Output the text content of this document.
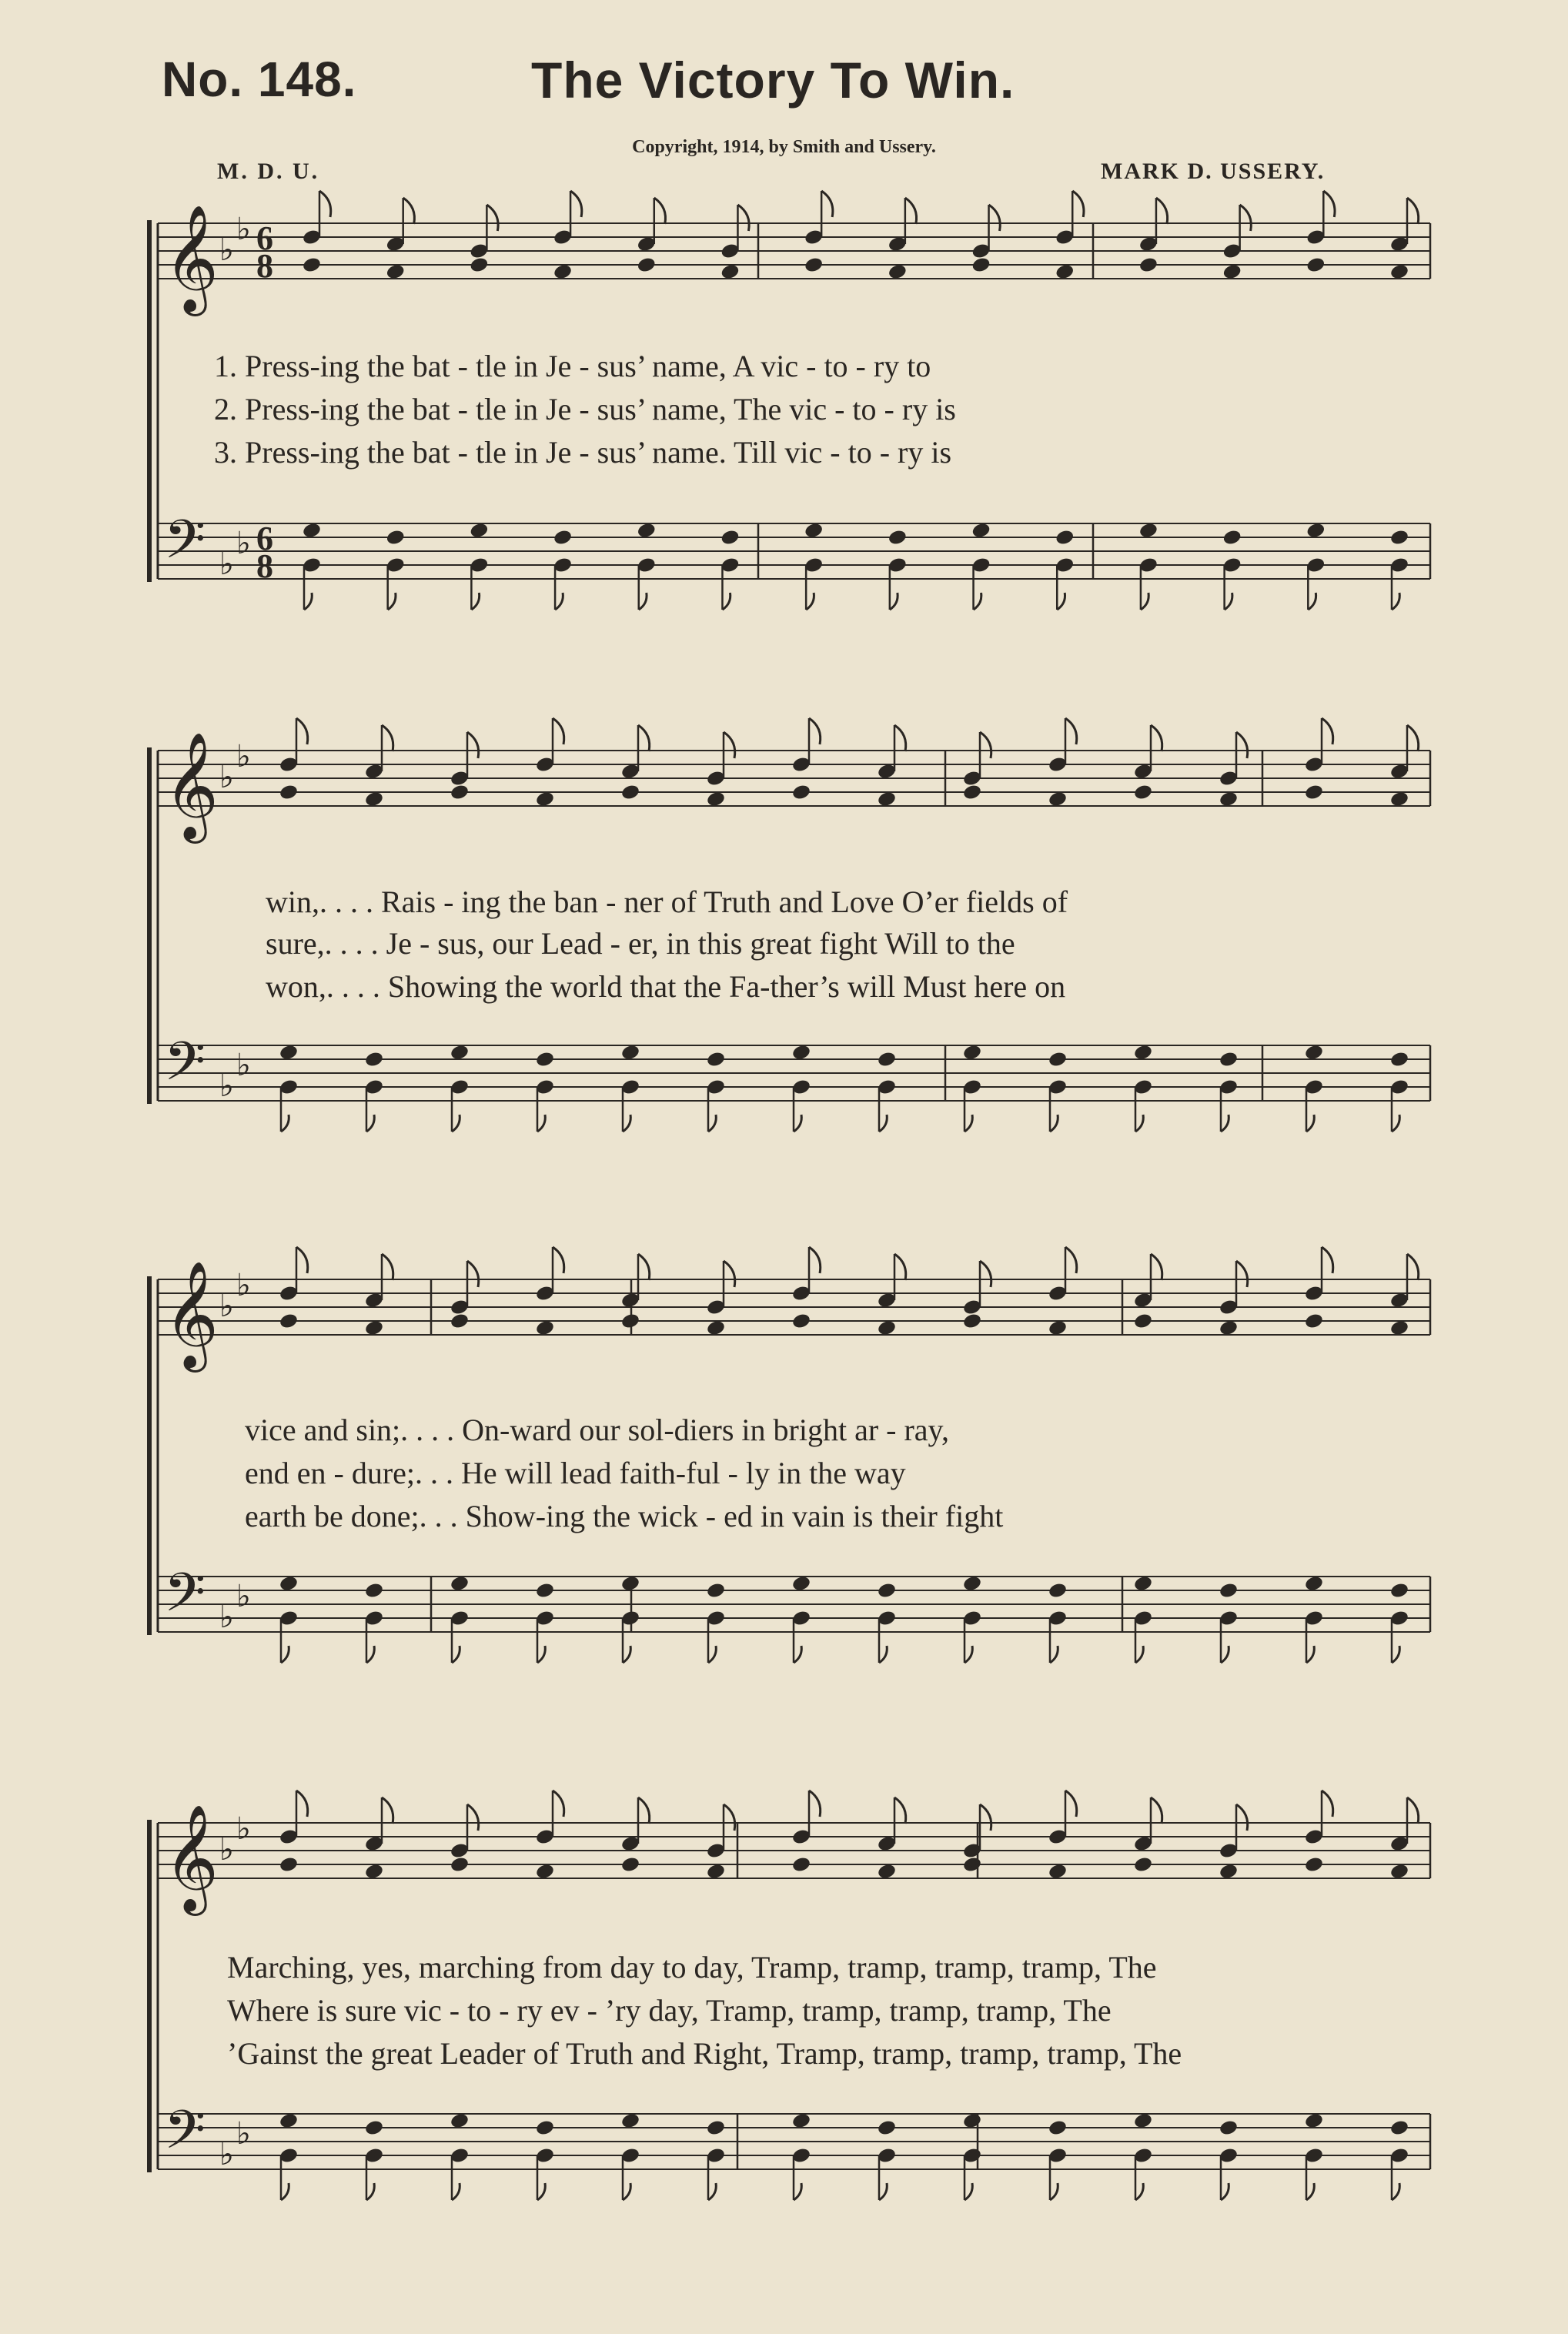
No. 148.	The Victory To Win.
Copyright, 1914, by Smith and Ussery.
M. D. U.	MARK D. USSERY.
𝄞 ♭
♭ 6
8
𝄢 ♭
♭ 6
8
𝄞 ♭
♭
𝄢 ♭
♭
𝄞 ♭
♭
𝄢 ♭
♭
𝄞 ♭
♭
𝄢 ♭
♭
1. Press-ing the bat - tle in Je - sus’ name, A vic - to - ry to
2. Press-ing the bat - tle in Je - sus’ name, The vic - to - ry is
3. Press-ing the bat - tle in Je - sus’ name. Till vic - to - ry is
win,. . . . Rais - ing the ban - ner of Truth and Love O’er fields of
sure,. . . . Je - sus, our Lead - er, in this great fight Will to the
won,. . . . Showing the world that the Fa-ther’s will Must here on
vice and sin;. . . . On-ward our sol-diers in bright ar - ray,
end en - dure;. . . He will lead faith-ful - ly in the way
earth be done;. . . Show-ing the wick - ed in vain is their fight
Marching, yes, marching from day to day, Tramp, tramp, tramp, tramp, The
Where is sure vic - to - ry ev - ’ry day, Tramp, tramp, tramp, tramp, The
’Gainst the great Leader of Truth and Right, Tramp, tramp, tramp, tramp, The
